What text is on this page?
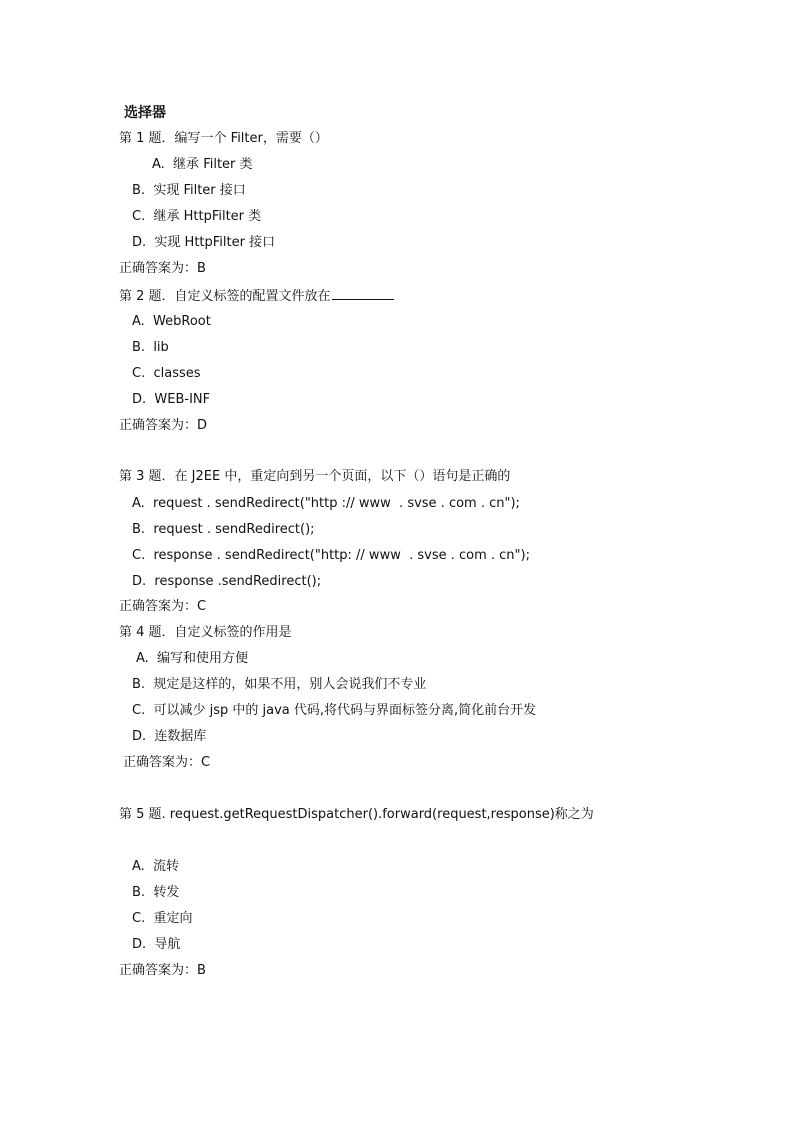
选择器
第 1 题．编写一个 Filter，需要（）
A.  继承 Filter 类
B.  实现 Filter 接口
C.  继承 HttpFilter 类
D.  实现 HttpFilter 接口
正确答案为：B
第 2 题．自定义标签的配置文件放在
A.  WebRoot
B.  lib
C.  classes
D.  WEB-INF
正确答案为：D
第 3 题．在 J2EE 中，重定向到另一个页面，以下（）语句是正确的
A.  request . sendRedirect("http :// www  . svse . com . cn");
B.  request . sendRedirect();
C.  response . sendRedirect("http: // www  . svse . com . cn");
D.  response .sendRedirect();
正确答案为：C
第 4 题．自定义标签的作用是
A.  编写和使用方便
B.  规定是这样的，如果不用，别人会说我们不专业
C.  可以减少 jsp 中的 java 代码,将代码与界面标签分离,简化前台开发
D.  连数据库
正确答案为：C
第 5 题. request.getRequestDispatcher().forward(request,response)称之为
A.  流转
B.  转发
C.  重定向
D.  导航
正确答案为：B
